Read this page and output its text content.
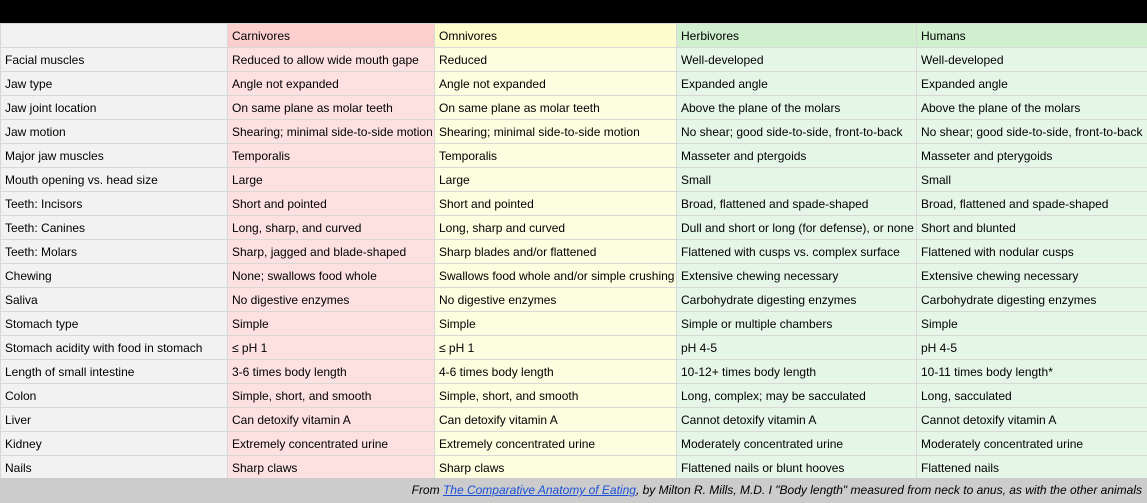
	Carnivores	Omnivores	Herbivores	Humans
Facial muscles	Reduced to allow wide mouth gape	Reduced	Well-developed	Well-developed
Jaw type	Angle not expanded	Angle not expanded	Expanded angle	Expanded angle
Jaw joint location	On same plane as molar teeth	On same plane as molar teeth	Above the plane of the molars	Above the plane of the molars
Jaw motion	Shearing; minimal side-to-side motion	Shearing; minimal side-to-side motion	No shear; good side-to-side, front-to-back	No shear; good side-to-side, front-to-back
Major jaw muscles	Temporalis	Temporalis	Masseter and ptergoids	Masseter and pterygoids
Mouth opening vs. head size	Large	Large	Small	Small
Teeth: Incisors	Short and pointed	Short and pointed	Broad, flattened and spade-shaped	Broad, flattened and spade-shaped
Teeth: Canines	Long, sharp, and curved	Long, sharp and curved	Dull and short or long (for defense), or none	Short and blunted
Teeth: Molars	Sharp, jagged and blade-shaped	Sharp blades and/or flattened	Flattened with cusps vs. complex surface	Flattened with nodular cusps
Chewing	None; swallows food whole	Swallows food whole and/or simple crushing	Extensive chewing necessary	Extensive chewing necessary
Saliva	No digestive enzymes	No digestive enzymes	Carbohydrate digesting enzymes	Carbohydrate digesting enzymes
Stomach type	Simple	Simple	Simple or multiple chambers	Simple
Stomach acidity with food in stomach	≤ pH 1	≤ pH 1	pH 4-5	pH 4-5
Length of small intestine	3-6 times body length	4-6 times body length	10-12+ times body length	10-11 times body length*
Colon	Simple, short, and smooth	Simple, short, and smooth	Long, complex; may be sacculated	Long, sacculated
Liver	Can detoxify vitamin A	Can detoxify vitamin A	Cannot detoxify vitamin A	Cannot detoxify vitamin A
Kidney	Extremely concentrated urine	Extremely concentrated urine	Moderately concentrated urine	Moderately concentrated urine
Nails	Sharp claws	Sharp claws	Flattened nails or blunt hooves	Flattened nails
From The Comparative Anatomy of Eating, by Milton R. Mills, M.D. I "Body length" measured from neck to anus, as with the other animals
